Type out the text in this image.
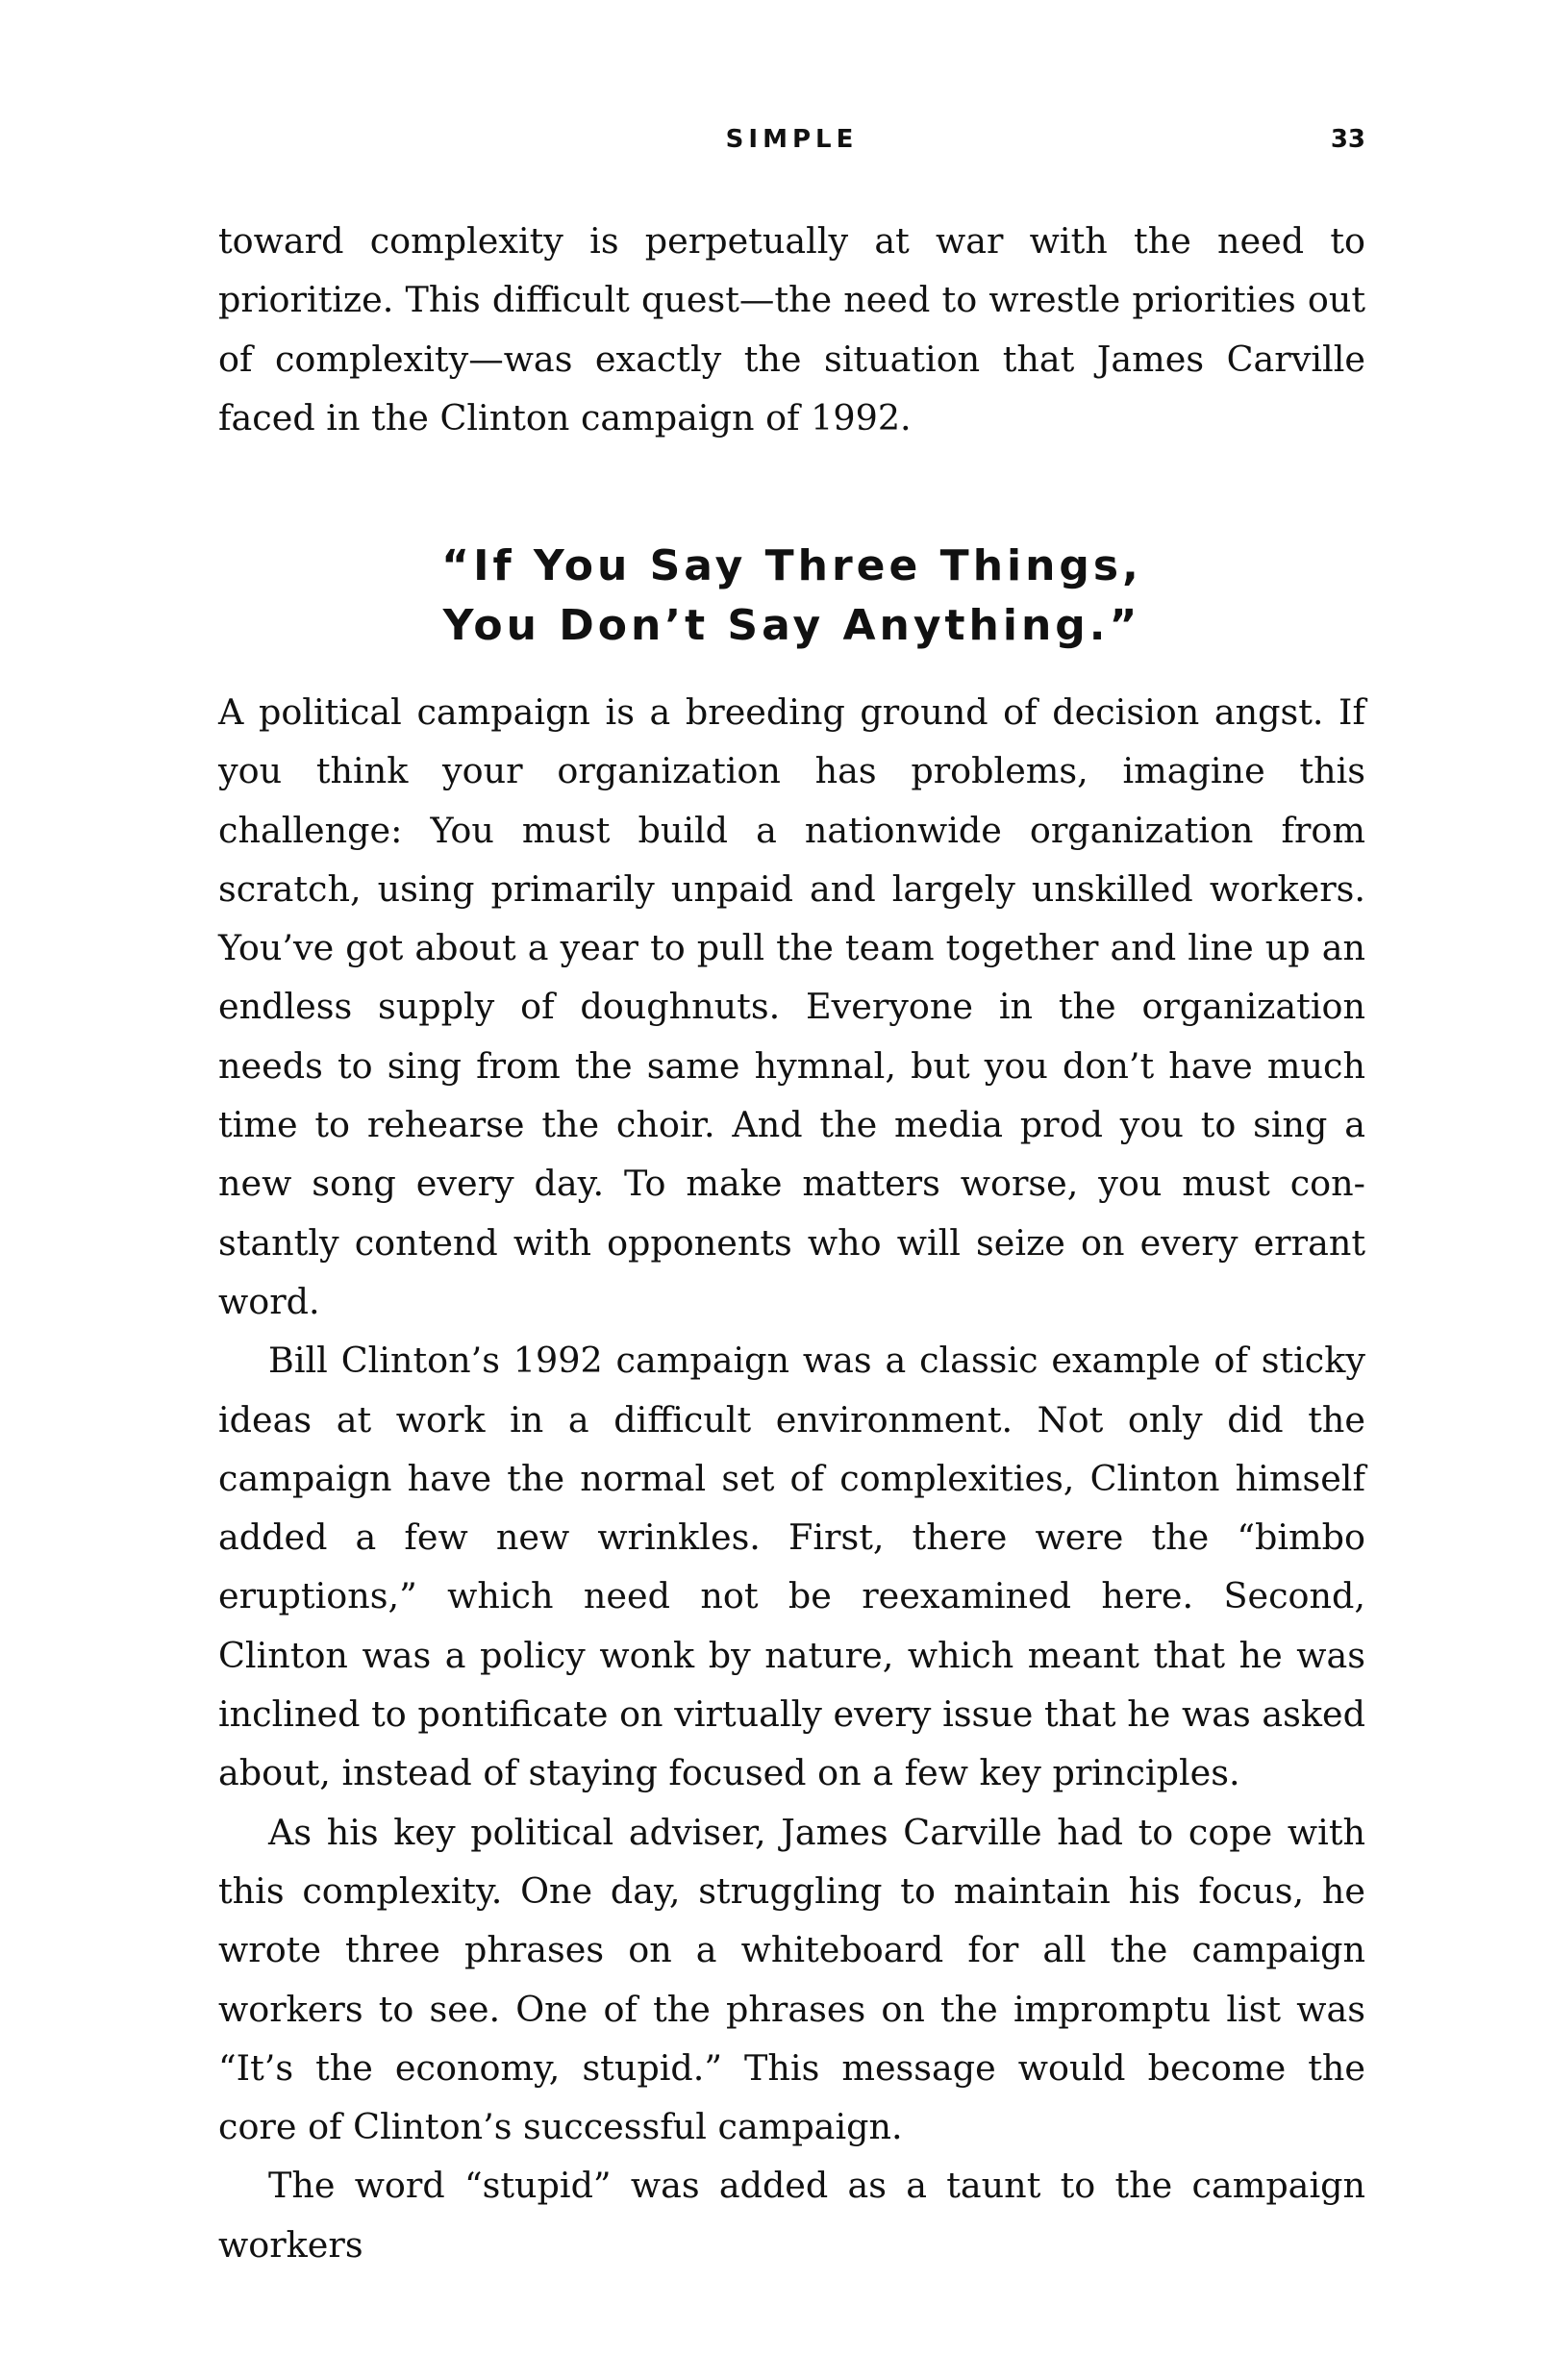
SIMPLE	33

toward complexity is perpetually at war with the need to prioritize. This difficult quest—the need to wrestle priorities out of complexity—was exactly the situation that James Carville faced in the Clinton campaign of 1992.

“If You Say Three Things,
You Don’t Say Anything.”

A political campaign is a breeding ground of decision angst. If you think your organization has problems, imagine this challenge: You must build a nationwide organization from scratch, using primarily unpaid and largely unskilled workers. You’ve got about a year to pull the team together and line up an endless supply of doughnuts. Everyone in the organization needs to sing from the same hymnal, but you don’t have much time to rehearse the choir. And the media prod you to sing a new song every day. To make matters worse, you must constantly contend with opponents who will seize on every errant word.

Bill Clinton’s 1992 campaign was a classic example of sticky ideas at work in a difficult environment. Not only did the campaign have the normal set of complexities, Clinton himself added a few new wrinkles. First, there were the “bimbo eruptions,” which need not be reexamined here. Second, Clinton was a policy wonk by nature, which meant that he was inclined to pontificate on virtually every issue that he was asked about, instead of staying focused on a few key principles.

As his key political adviser, James Carville had to cope with this complexity. One day, struggling to maintain his focus, he wrote three phrases on a whiteboard for all the campaign workers to see. One of the phrases on the impromptu list was “It’s the economy, stupid.” This message would become the core of Clinton’s successful campaign.

The word “stupid” was added as a taunt to the campaign workers
